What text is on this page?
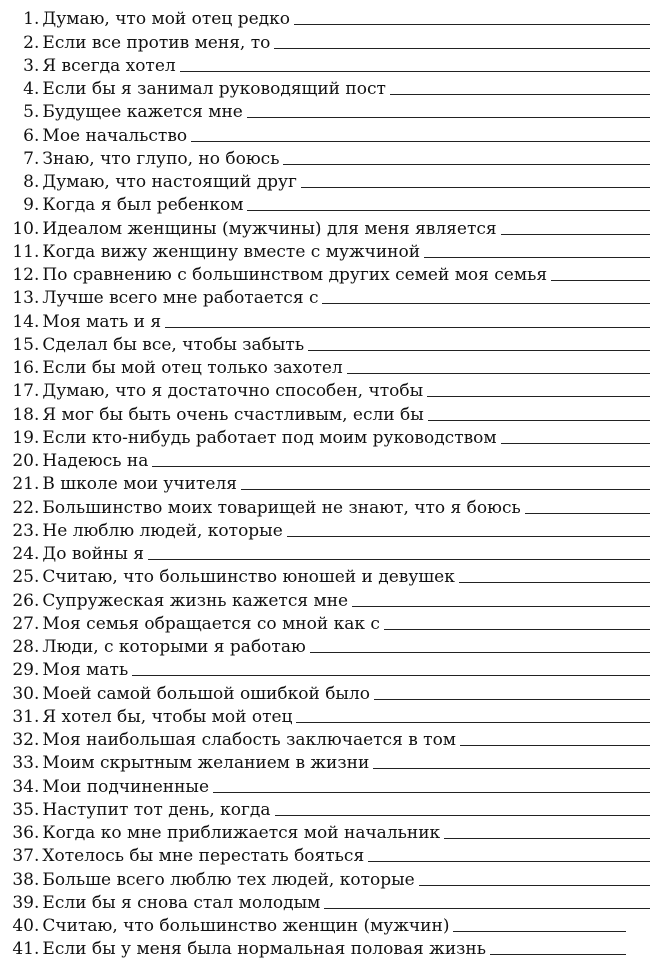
1 . Думаю, что мой отец редко
2 . Если все против меня, то
3 . Я всегда хотел
4 . Если бы я занимал руководящий пост
5 . Будущее кажется мне
6 . Мое начальство
7 . Знаю, что глупо, но боюсь
8 . Думаю, что настоящий друг
9 . Когда я был ребенком
10 . Идеалом женщины (мужчины) для меня является
11 . Когда вижу женщину вместе с мужчиной
12 . По сравнению с большинством других семей моя семья
13 . Лучше всего мне работается с
14 . Моя мать и я
15 . Сделал бы все, чтобы забыть
16 . Если бы мой отец только захотел
17 . Думаю, что я достаточно способен, чтобы
18 . Я мог бы быть очень счастливым, если бы
19 . Если кто-нибудь работает под моим руководством
20 . Надеюсь на
21 . В школе мои учителя
22 . Большинство моих товарищей не знают, что я боюсь
23 . Не люблю людей, которые
24 . До войны я
25 . Считаю, что большинство юношей и девушек
26 . Супружеская жизнь кажется мне
27 . Моя семья обращается со мной как с
28 . Люди, с которыми я работаю
29 . Моя мать
30 . Моей самой большой ошибкой было
31 . Я хотел бы, чтобы мой отец
32 . Моя наибольшая слабость заключается в том
33 . Моим скрытным желанием в жизни
34 . Мои подчиненные
35 . Наступит тот день, когда
36 . Когда ко мне приближается мой начальник
37 . Хотелось бы мне перестать бояться
38 . Больше всего люблю тех людей, которые
39 . Если бы я снова стал молодым
40 . Считаю, что большинство женщин (мужчин)
41 . Если бы у меня была нормальная половая жизнь
